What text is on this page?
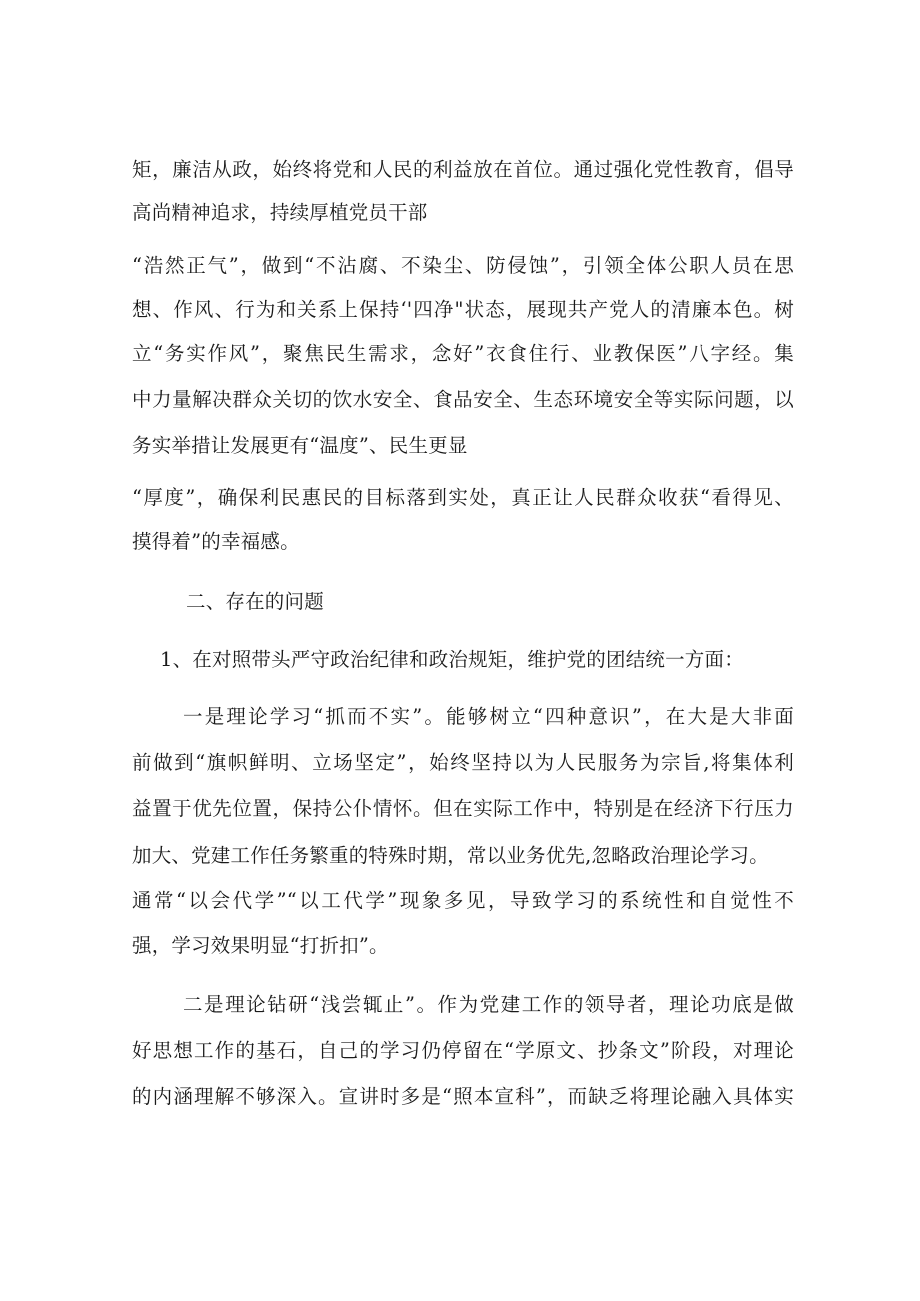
矩，廉洁从政，始终将党和人民的利益放在首位。通过强化党性教育，倡导

高尚精神追求，持续厚植党员干部

“浩然正气”，做到“不沾腐、不染尘、防侵蚀”，引领全体公职人员在思

想、作风、行为和关系上保持‘'四净"状态，展现共产党人的清廉本色。树

立“务实作风”，聚焦民生需求，念好”衣食住行、业教保医”八字经。集

中力量解决群众关切的饮水安全、食品安全、生态环境安全等实际问题，以

务实举措让发展更有“温度”、民生更显

“厚度”，确保利民惠民的目标落到实处，真正让人民群众收获“看得见、

摸得着”的幸福感。

二、存在的问题

1、在对照带头严守政治纪律和政治规矩，维护党的团结统一方面：

一是理论学习“抓而不实”。能够树立“四种意识”，在大是大非面

前做到“旗帜鲜明、立场坚定”，始终坚持以为人民服务为宗旨,将集体利

益置于优先位置，保持公仆情怀。但在实际工作中，特别是在经济下行压力

加大、党建工作任务繁重的特殊时期，常以业务优先,忽略政治理论学习。

通常“以会代学”“以工代学”现象多见，导致学习的系统性和自觉性不

强，学习效果明显“打折扣”。

二是理论钻研“浅尝辄止”。作为党建工作的领导者，理论功底是做

好思想工作的基石，自己的学习仍停留在“学原文、抄条文”阶段，对理论

的内涵理解不够深入。宣讲时多是“照本宣科”，而缺乏将理论融入具体实
